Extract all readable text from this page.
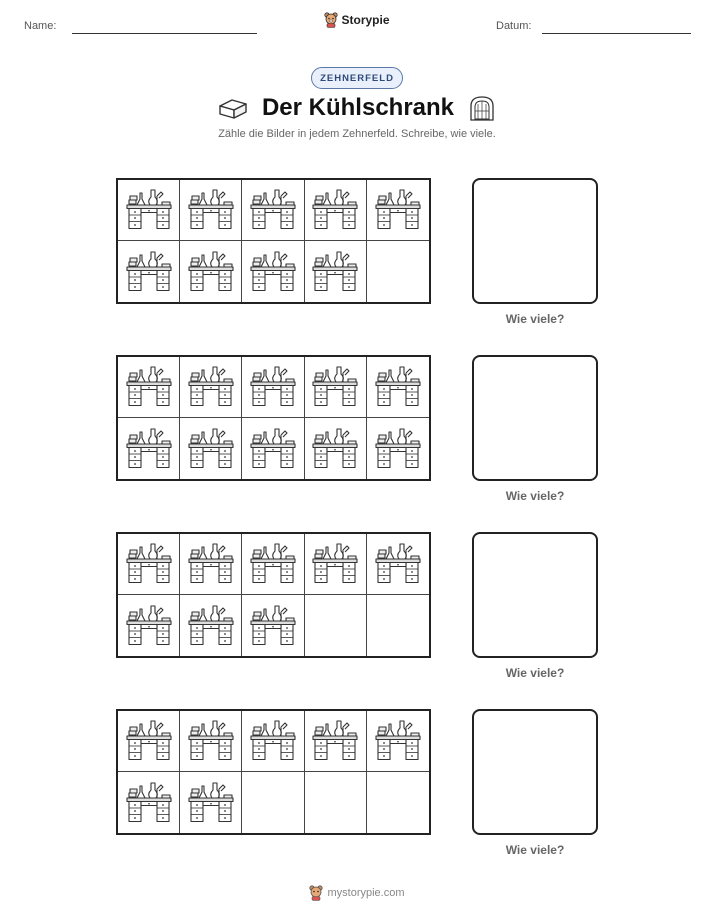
Name:	Storypie	Datum:
ZEHNERFELD
Der Kühlschrank
Zähle die Bilder in jedem Zehnerfeld. Schreibe, wie viele.
Wie viele?
Wie viele?
Wie viele?
Wie viele?
mystorypie.com
